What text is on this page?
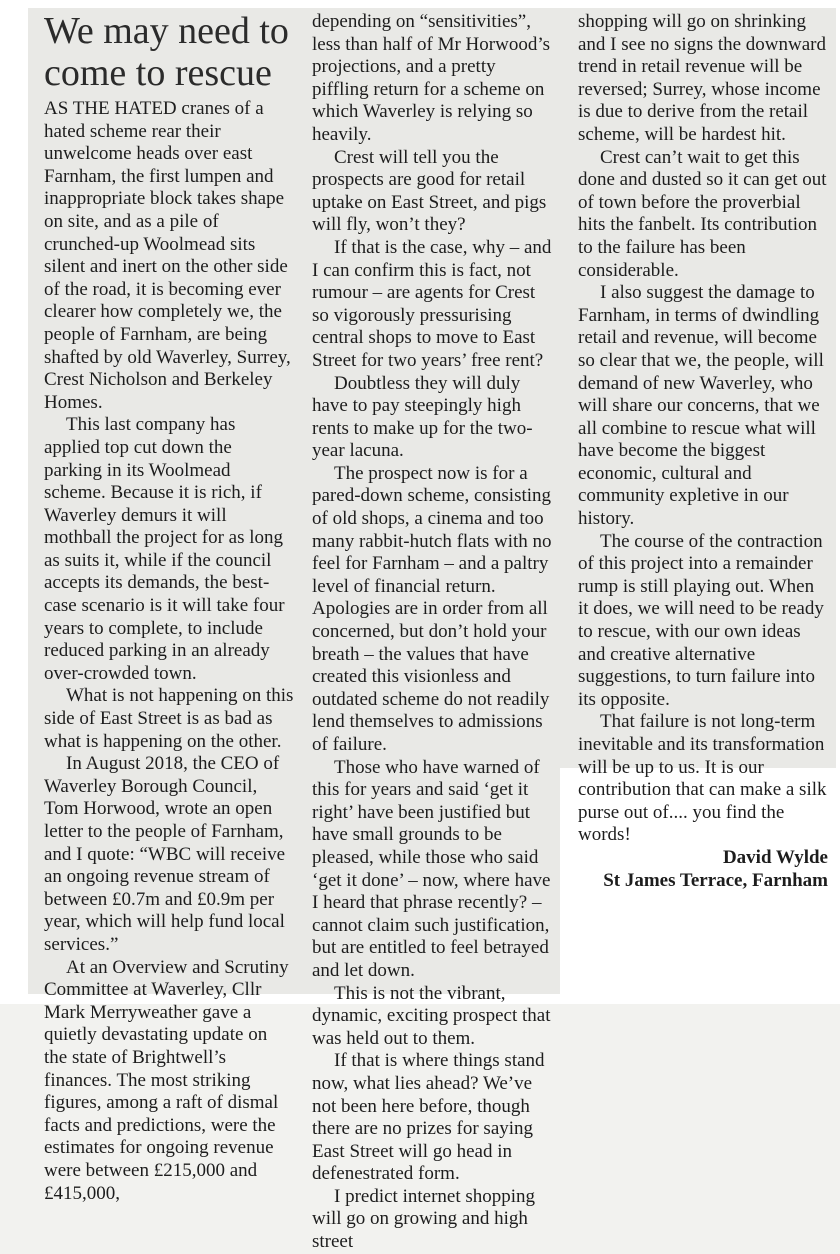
We may need to come to rescue

AS THE HATED cranes of a hated scheme rear their unwelcome heads over east Farnham, the first lumpen and inappropriate block takes shape on site, and as a pile of crunched-up Woolmead sits silent and inert on the other side of the road, it is becoming ever clearer how completely we, the people of Farnham, are being shafted by old Waverley, Surrey, Crest Nicholson and Berkeley Homes.

This last company has applied top cut down the parking in its Woolmead scheme. Because it is rich, if Waverley demurs it will mothball the project for as long as suits it, while if the council accepts its demands, the best-case scenario is it will take four years to complete, to include reduced parking in an already over-crowded town.

What is not happening on this side of East Street is as bad as what is happening on the other.

In August 2018, the CEO of Waverley Borough Council, Tom Horwood, wrote an open letter to the people of Farnham, and I quote: “WBC will receive an ongoing revenue stream of between £0.7m and £0.9m per year, which will help fund local services.”

At an Overview and Scrutiny Committee at Waverley, Cllr Mark Merryweather gave a quietly devastating update on the state of Brightwell’s finances. The most striking figures, among a raft of dismal facts and predictions, were the estimates for ongoing revenue were between £215,000 and £415,000,

depending on “sensitivities”, less than half of Mr Horwood’s projections, and a pretty piffling return for a scheme on which Waverley is relying so heavily.

Crest will tell you the prospects are good for retail uptake on East Street, and pigs will fly, won’t they?

If that is the case, why – and I can confirm this is fact, not rumour – are agents for Crest so vigorously pressurising central shops to move to East Street for two years’ free rent?

Doubtless they will duly have to pay steepingly high rents to make up for the two-year lacuna.

The prospect now is for a pared-down scheme, consisting of old shops, a cinema and too many rabbit-hutch flats with no feel for Farnham – and a paltry level of financial return. Apologies are in order from all concerned, but don’t hold your breath – the values that have created this visionless and outdated scheme do not readily lend themselves to admissions of failure.

Those who have warned of this for years and said ‘get it right’ have been justified but have small grounds to be pleased, while those who said ‘get it done’ – now, where have I heard that phrase recently? – cannot claim such justification, but are entitled to feel betrayed and let down.

This is not the vibrant, dynamic, exciting prospect that was held out to them.

If that is where things stand now, what lies ahead? We’ve not been here before, though there are no prizes for saying East Street will go head in defenestrated form.

I predict internet shopping will go on growing and high street

shopping will go on shrinking and I see no signs the downward trend in retail revenue will be reversed; Surrey, whose income is due to derive from the retail scheme, will be hardest hit.

Crest can’t wait to get this done and dusted so it can get out of town before the proverbial hits the fanbelt. Its contribution to the failure has been considerable.

I also suggest the damage to Farnham, in terms of dwindling retail and revenue, will become so clear that we, the people, will demand of new Waverley, who will share our concerns, that we all combine to rescue what will have become the biggest economic, cultural and community expletive in our history.

The course of the contraction of this project into a remainder rump is still playing out. When it does, we will need to be ready to rescue, with our own ideas and creative alternative suggestions, to turn failure into its opposite.

That failure is not long-term inevitable and its transformation will be up to us. It is our contribution that can make a silk purse out of.... you find the words!

David Wylde

St James Terrace, Farnham
